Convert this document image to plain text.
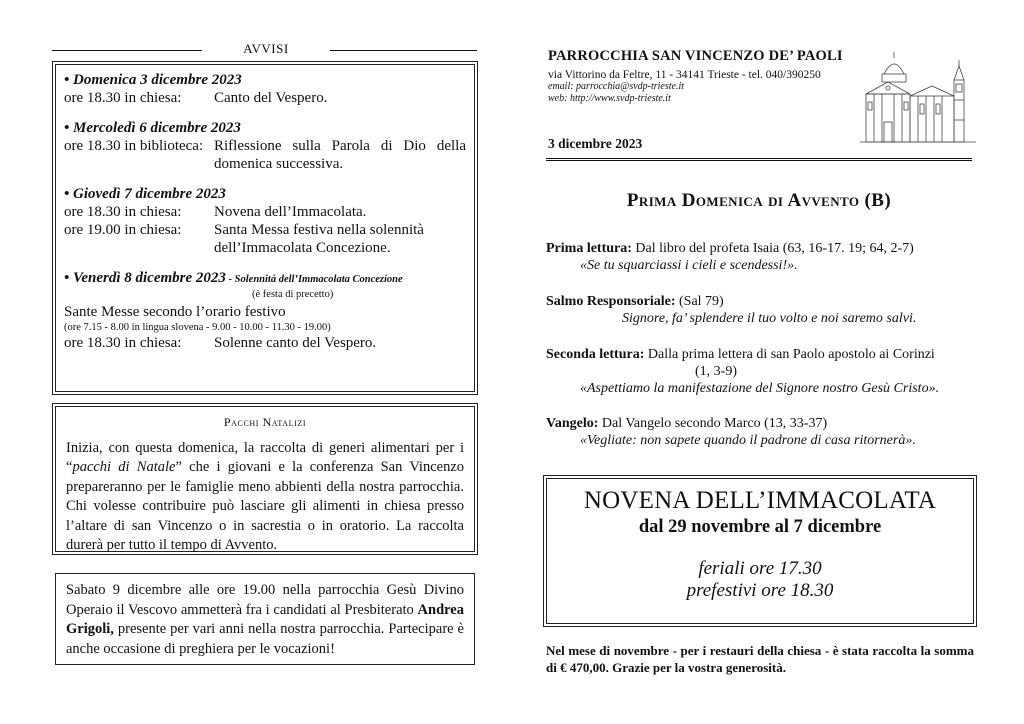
AVVISI
• Domenica 3 dicembre 2023
ore 18.30 in chiesa:	Canto del Vespero.
• Mercoledì 6 dicembre 2023
ore 18.30 in biblioteca: Riflessione sulla Parola di Dio della domenica successiva.
• Giovedì 7 dicembre 2023
ore 18.30 in chiesa:	Novena dell’Immacolata.
ore 19.00 in chiesa:	Santa Messa festiva nella solennità dell’Immacolata Concezione.
• Venerdì 8 dicembre 2023 - Solennità dell’Immacolata Concezione
(è festa di precetto)
Sante Messe secondo l’orario festivo
(ore 7.15 - 8.00 in lingua slovena - 9.00 - 10.00 - 11.30 - 19.00)
ore 18.30 in chiesa:	Solenne canto del Vespero.
Pacchi Natalizi

Inizia, con questa domenica, la raccolta di generi alimentari per i “pacchi di Natale” che i giovani e la conferenza San Vincenzo prepareranno per le famiglie meno abbienti della nostra parrocchia. Chi volesse contribuire può lasciare gli alimenti in chiesa presso l’altare di san Vincenzo o in sacrestia o in oratorio. La raccolta durerà per tutto il tempo di Avvento.

Sabato 9 dicembre alle ore 19.00 nella parrocchia Gesù Divino Operaio il Vescovo ammetterà fra i candidati al Presbiterato Andrea Grigoli, presente per vari anni nella nostra parrocchia. Partecipare è anche occasione di preghiera per le vocazioni!
PARROCCHIA SAN VINCENZO DE’ PAOLI
via Vittorino da Feltre, 11 - 34141 Trieste - tel. 040/390250
email: parrocchia@svdp-trieste.it
web: http://www.svdp-trieste.it
3 dicembre 2023
Prima Domenica di Avvento (B)
Prima lettura: Dal libro del profeta Isaia (63, 16-17. 19; 64, 2-7)
«Se tu squarciassi i cieli e scendessi!».
Salmo Responsoriale: (Sal 79)
Signore, fa’ splendere il tuo volto e noi saremo salvi.
Seconda lettura: Dalla prima lettera di san Paolo apostolo ai Corinzi
(1, 3-9)
«Aspettiamo la manifestazione del Signore nostro Gesù Cristo».
Vangelo: Dal Vangelo secondo Marco (13, 33-37)
«Vegliate: non sapete quando il padrone di casa ritornerà».
NOVENA DELL’IMMACOLATA
dal 29 novembre al 7 dicembre
feriali ore 17.30
prefestivi ore 18.30
Nel mese di novembre - per i restauri della chiesa - è stata raccolta la somma di € 470,00. Grazie per la vostra generosità.
